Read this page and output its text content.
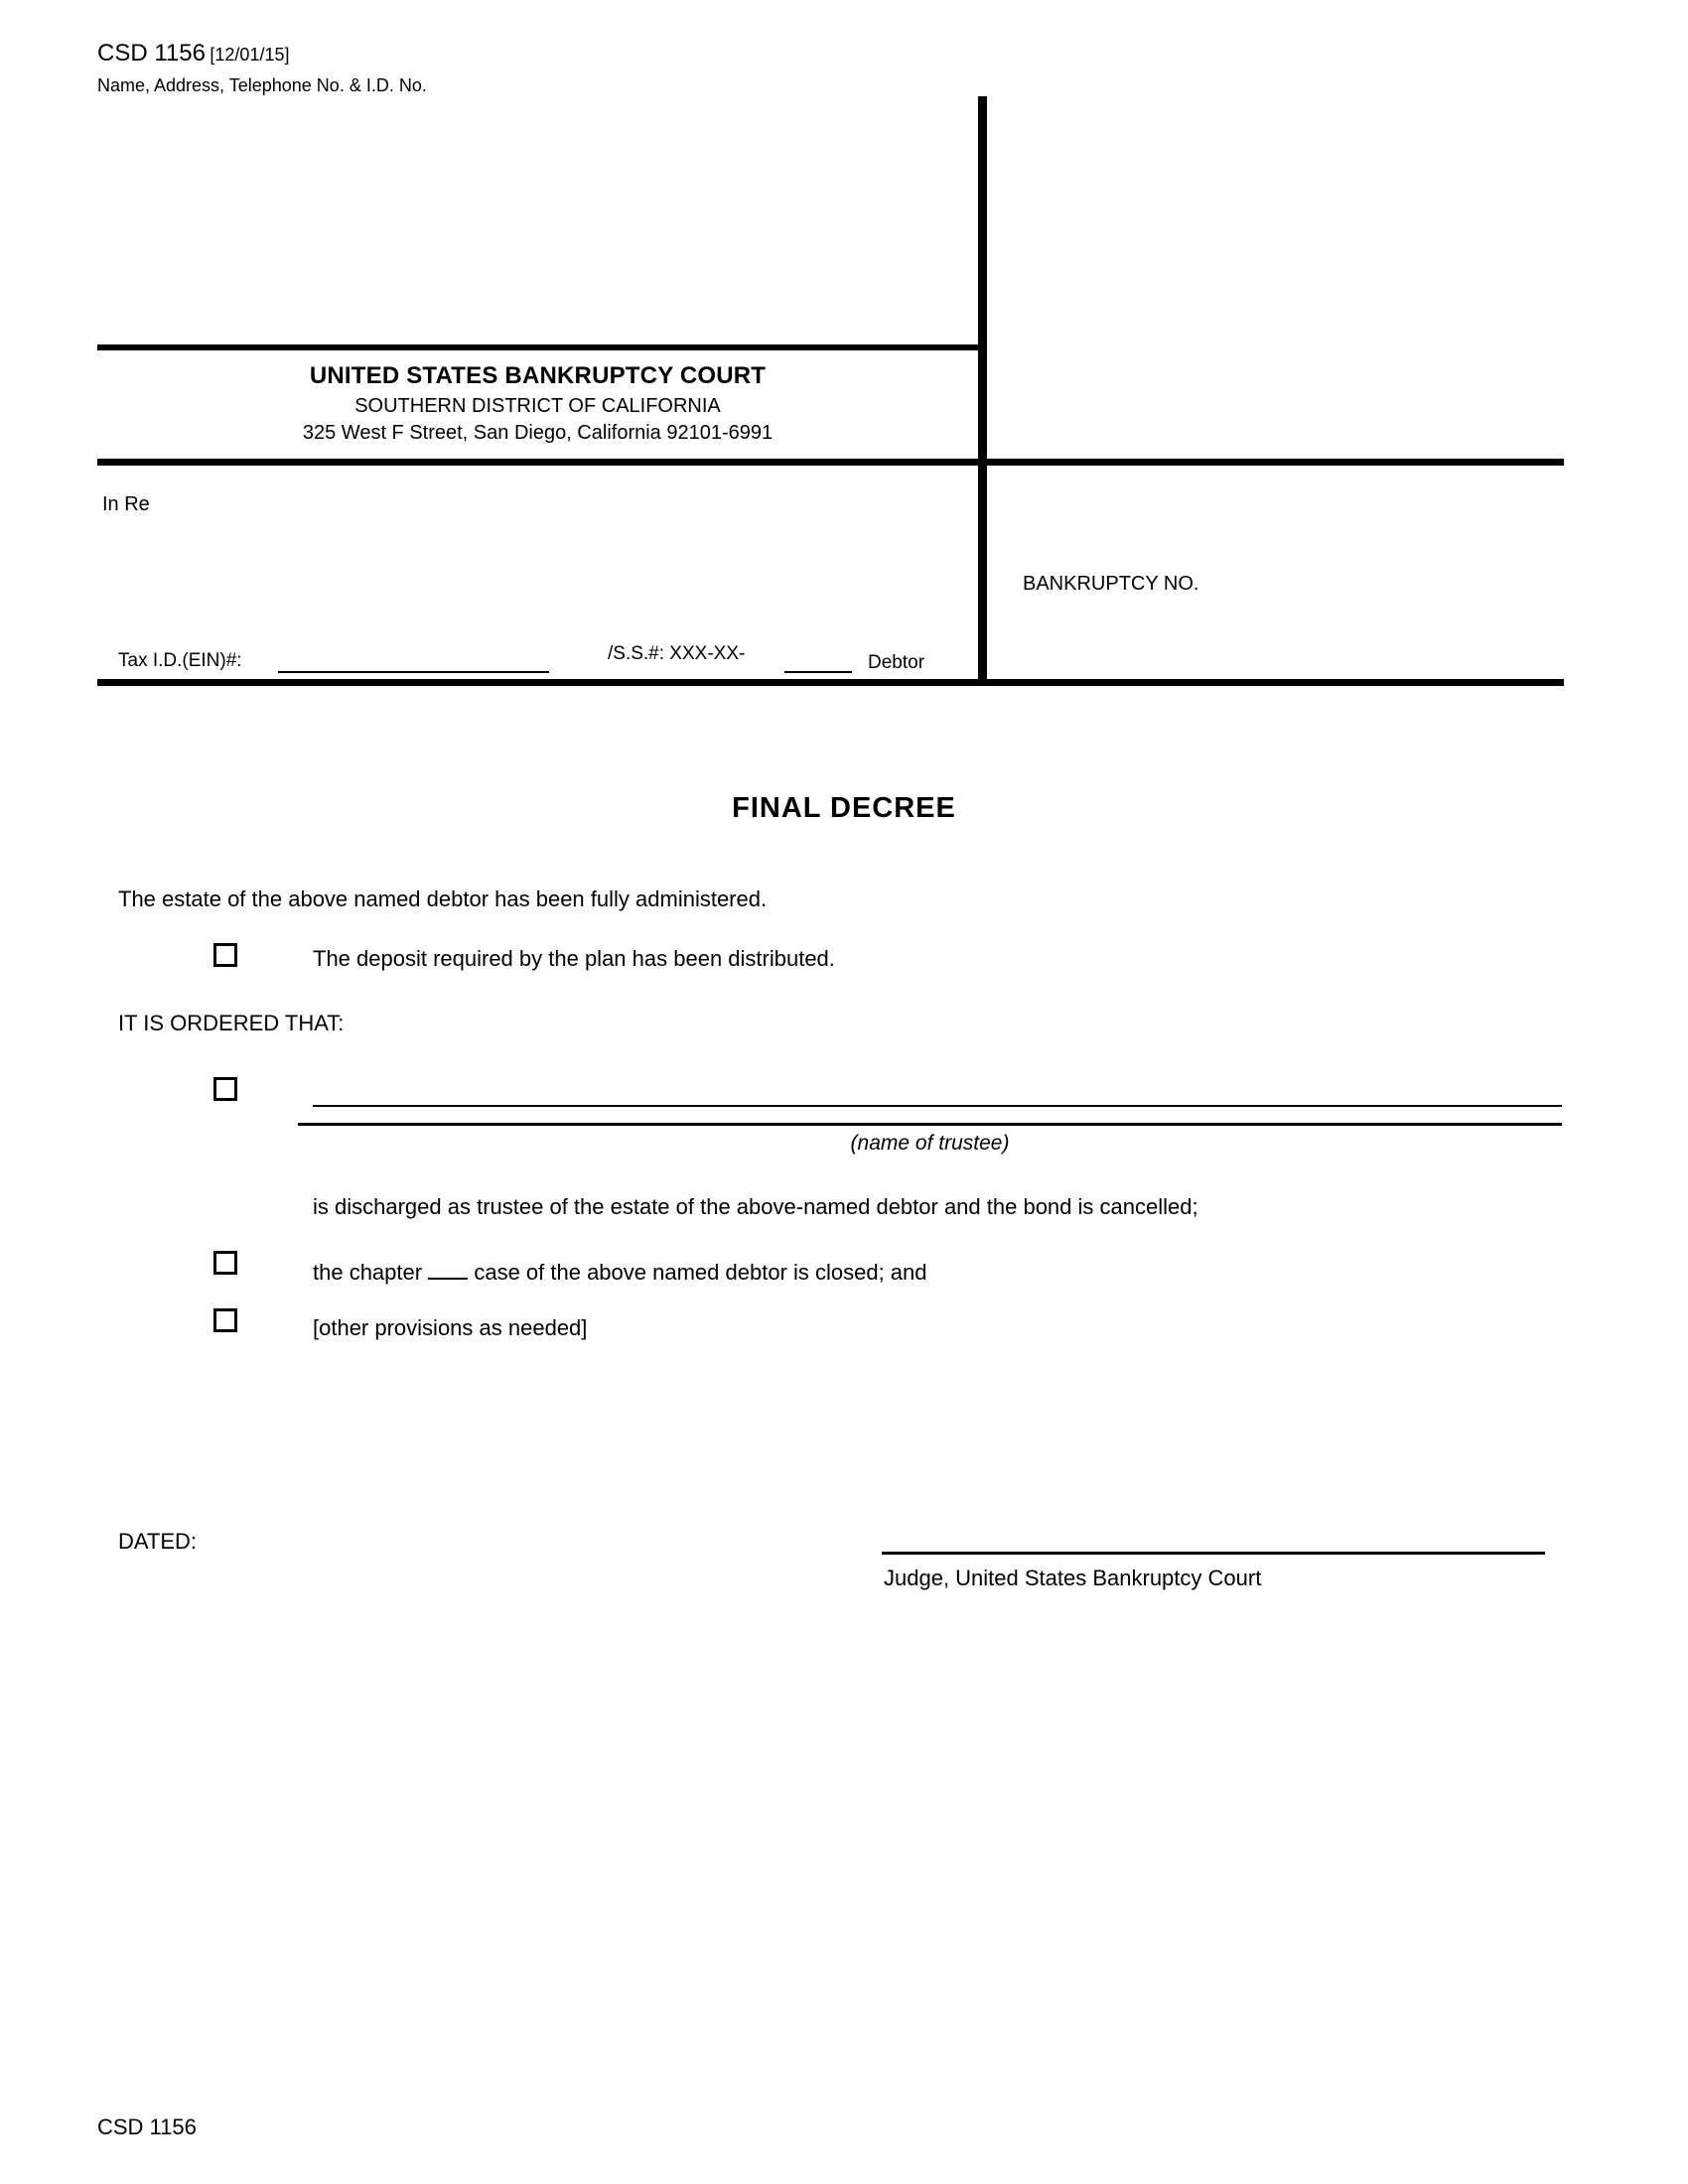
CSD 1156 [12/01/15]
Name, Address, Telephone No. & I.D. No.
UNITED STATES BANKRUPTCY COURT
SOUTHERN DISTRICT OF CALIFORNIA
325 West F Street, San Diego, California 92101-6991
In Re
BANKRUPTCY NO.
Tax I.D.(EIN)#:	/S.S.#: XXX-XX-	Debtor
FINAL DECREE
The estate of the above named debtor has been fully administered.
The deposit required by the plan has been distributed.
IT IS ORDERED THAT:
(name of trustee)
is discharged as trustee of the estate of the above-named debtor and the bond is cancelled;
the chapter case of the above named debtor is closed; and
[other provisions as needed]
DATED:
Judge, United States Bankruptcy Court
CSD 1156
